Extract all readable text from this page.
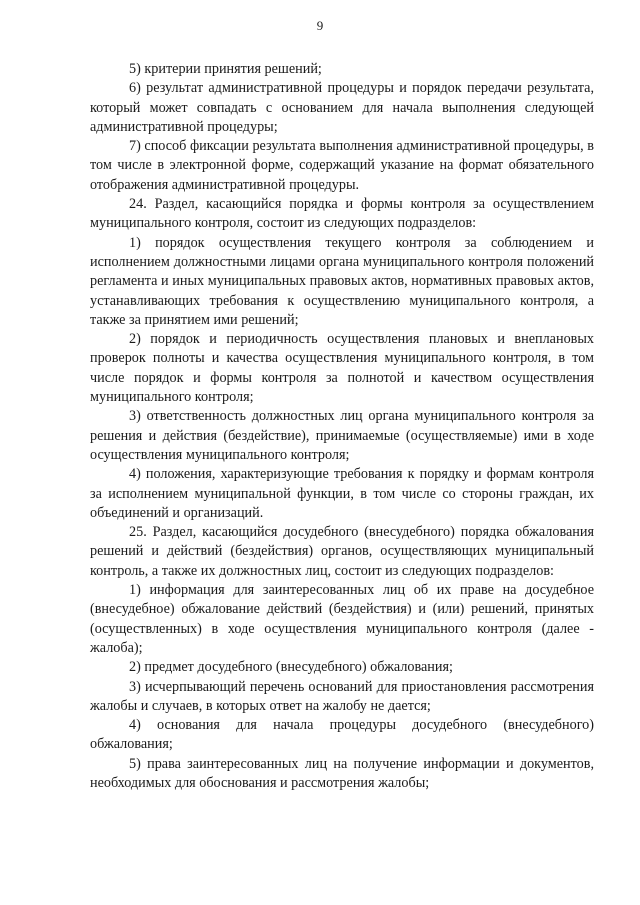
9

5) критерии принятия решений;

6) результат административной процедуры и порядок передачи результата, который может совпадать с основанием для начала выполнения следующей административной процедуры;

7) способ фиксации результата выполнения административной процедуры, в том числе в электронной форме, содержащий указание на формат обязательного отображения административной процедуры.

24. Раздел, касающийся порядка и формы контроля за осуществлением муниципального контроля, состоит из следующих подразделов:

1) порядок осуществления текущего контроля за соблюдением и исполнением должностными лицами органа муниципального контроля положений регламента и иных муниципальных правовых актов, нормативных правовых актов, устанавливающих требования к осуществлению муниципального контроля, а также за принятием ими решений;

2) порядок и периодичность осуществления плановых и внеплановых проверок полноты и качества осуществления муниципального контроля, в том числе порядок и формы контроля за полнотой и качеством осуществления муниципального контроля;

3) ответственность должностных лиц органа муниципального контроля за решения и действия (бездействие), принимаемые (осуществляемые) ими в ходе осуществления муниципального контроля;

4) положения, характеризующие требования к порядку и формам контроля за исполнением муниципальной функции, в том числе со стороны граждан, их объединений и организаций.

25. Раздел, касающийся досудебного (внесудебного) порядка обжалования решений и действий (бездействия) органов, осуществляющих муниципальный контроль, а также их должностных лиц, состоит из следующих подразделов:

1) информация для заинтересованных лиц об их праве на досудебное (внесудебное) обжалование действий (бездействия) и (или) решений, принятых (осуществленных) в ходе осуществления муниципального контроля (далее - жалоба);

2) предмет досудебного (внесудебного) обжалования;

3) исчерпывающий перечень оснований для приостановления рассмотрения жалобы и случаев, в которых ответ на жалобу не дается;

4) основания для начала процедуры досудебного (внесудебного) обжалования;

5) права заинтересованных лиц на получение информации и документов, необходимых для обоснования и рассмотрения жалобы;
